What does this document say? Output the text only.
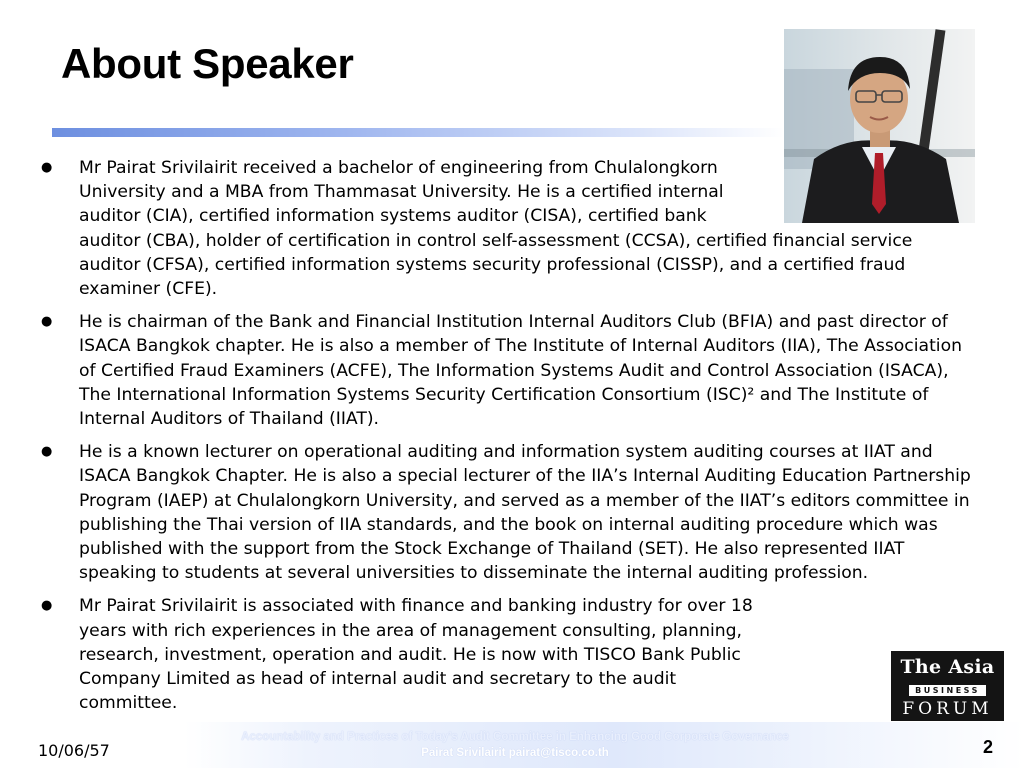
About Speaker
● Mr Pairat Srivilairit received a bachelor of engineering from Chulalongkorn University and a MBA from Thammasat University. He is a certified internal auditor (CIA), certified information systems auditor (CISA), certified bank auditor (CBA), holder of certification in control self-assessment (CCSA), certified financial service auditor (CFSA), certified information systems security professional (CISSP), and a certified fraud examiner (CFE).
● He is chairman of the Bank and Financial Institution Internal Auditors Club (BFIA) and past director of ISACA Bangkok chapter. He is also a member of The Institute of Internal Auditors (IIA), The Association of Certified Fraud Examiners (ACFE), The Information Systems Audit and Control Association (ISACA), The International Information Systems Security Certification Consortium (ISC)² and The Institute of Internal Auditors of Thailand (IIAT).
● He is a known lecturer on operational auditing and information system auditing courses at IIAT and ISACA Bangkok Chapter. He is also a special lecturer of the IIA’s Internal Auditing Education Partnership Program (IAEP) at Chulalongkorn University, and served as a member of the IIAT’s editors committee in publishing the Thai version of IIA standards, and the book on internal auditing procedure which was published with the support from the Stock Exchange of Thailand (SET). He also represented IIAT speaking to students at several universities to disseminate the internal auditing profession.
● Mr Pairat Srivilairit is associated with finance and banking industry for over 18 years with rich experiences in the area of management consulting, planning, research, investment, operation and audit. He is now with TISCO Bank Public Company Limited as head of internal audit and secretary to the audit committee.
The Asia
BUSINESS
FORUM
Accountability and Practices of Today’s Audit Committee in Enhancing Good Corporate Governance
Pairat Srivilairit pairat@tisco.co.th
10/06/57	2
